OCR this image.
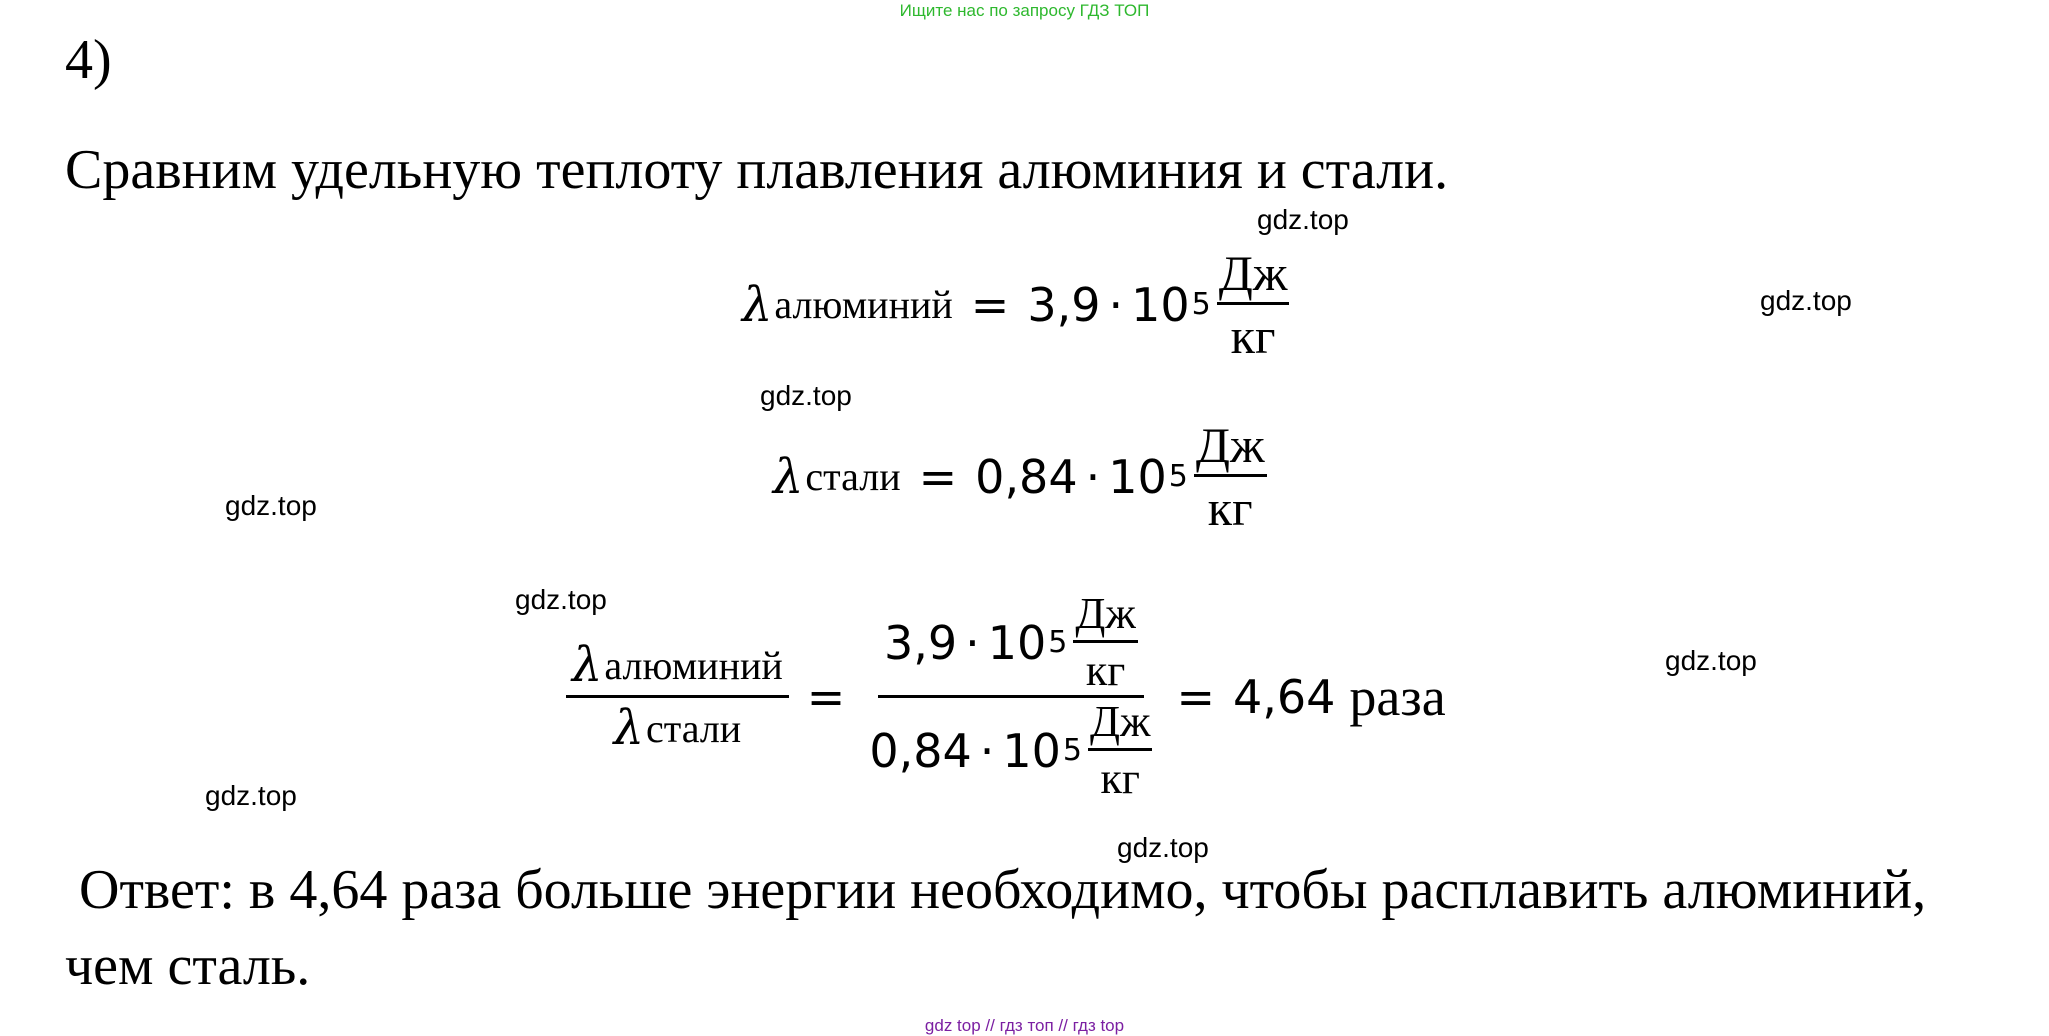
Ищите нас по запросу ГДЗ ТОП
4)
Сравним удельную теплоту плавления алюминия и стали.
gdz.top
gdz.top
gdz.top
gdz.top
gdz.top
gdz.top
gdz.top
gdz.top
λ алюминий = 3,9 · 10 $5 \frac{Дж}{кг}$
λ стали = 0,84 · 10 $5 \frac{Дж}{кг}$
$\frac{\text{λ алюминий}}{\text{λ стали}} = \frac{3,9 \cdot 10 5 \frac{Дж}{кг}}{0,84 \cdot 10 5 \frac{Дж}{кг}} = 4,64$ раза
Ответ: в 4,64 раза больше энергии необходимо, чтобы расплавить алюминий,
чем сталь.
gdz top // гдз топ // гдз top
